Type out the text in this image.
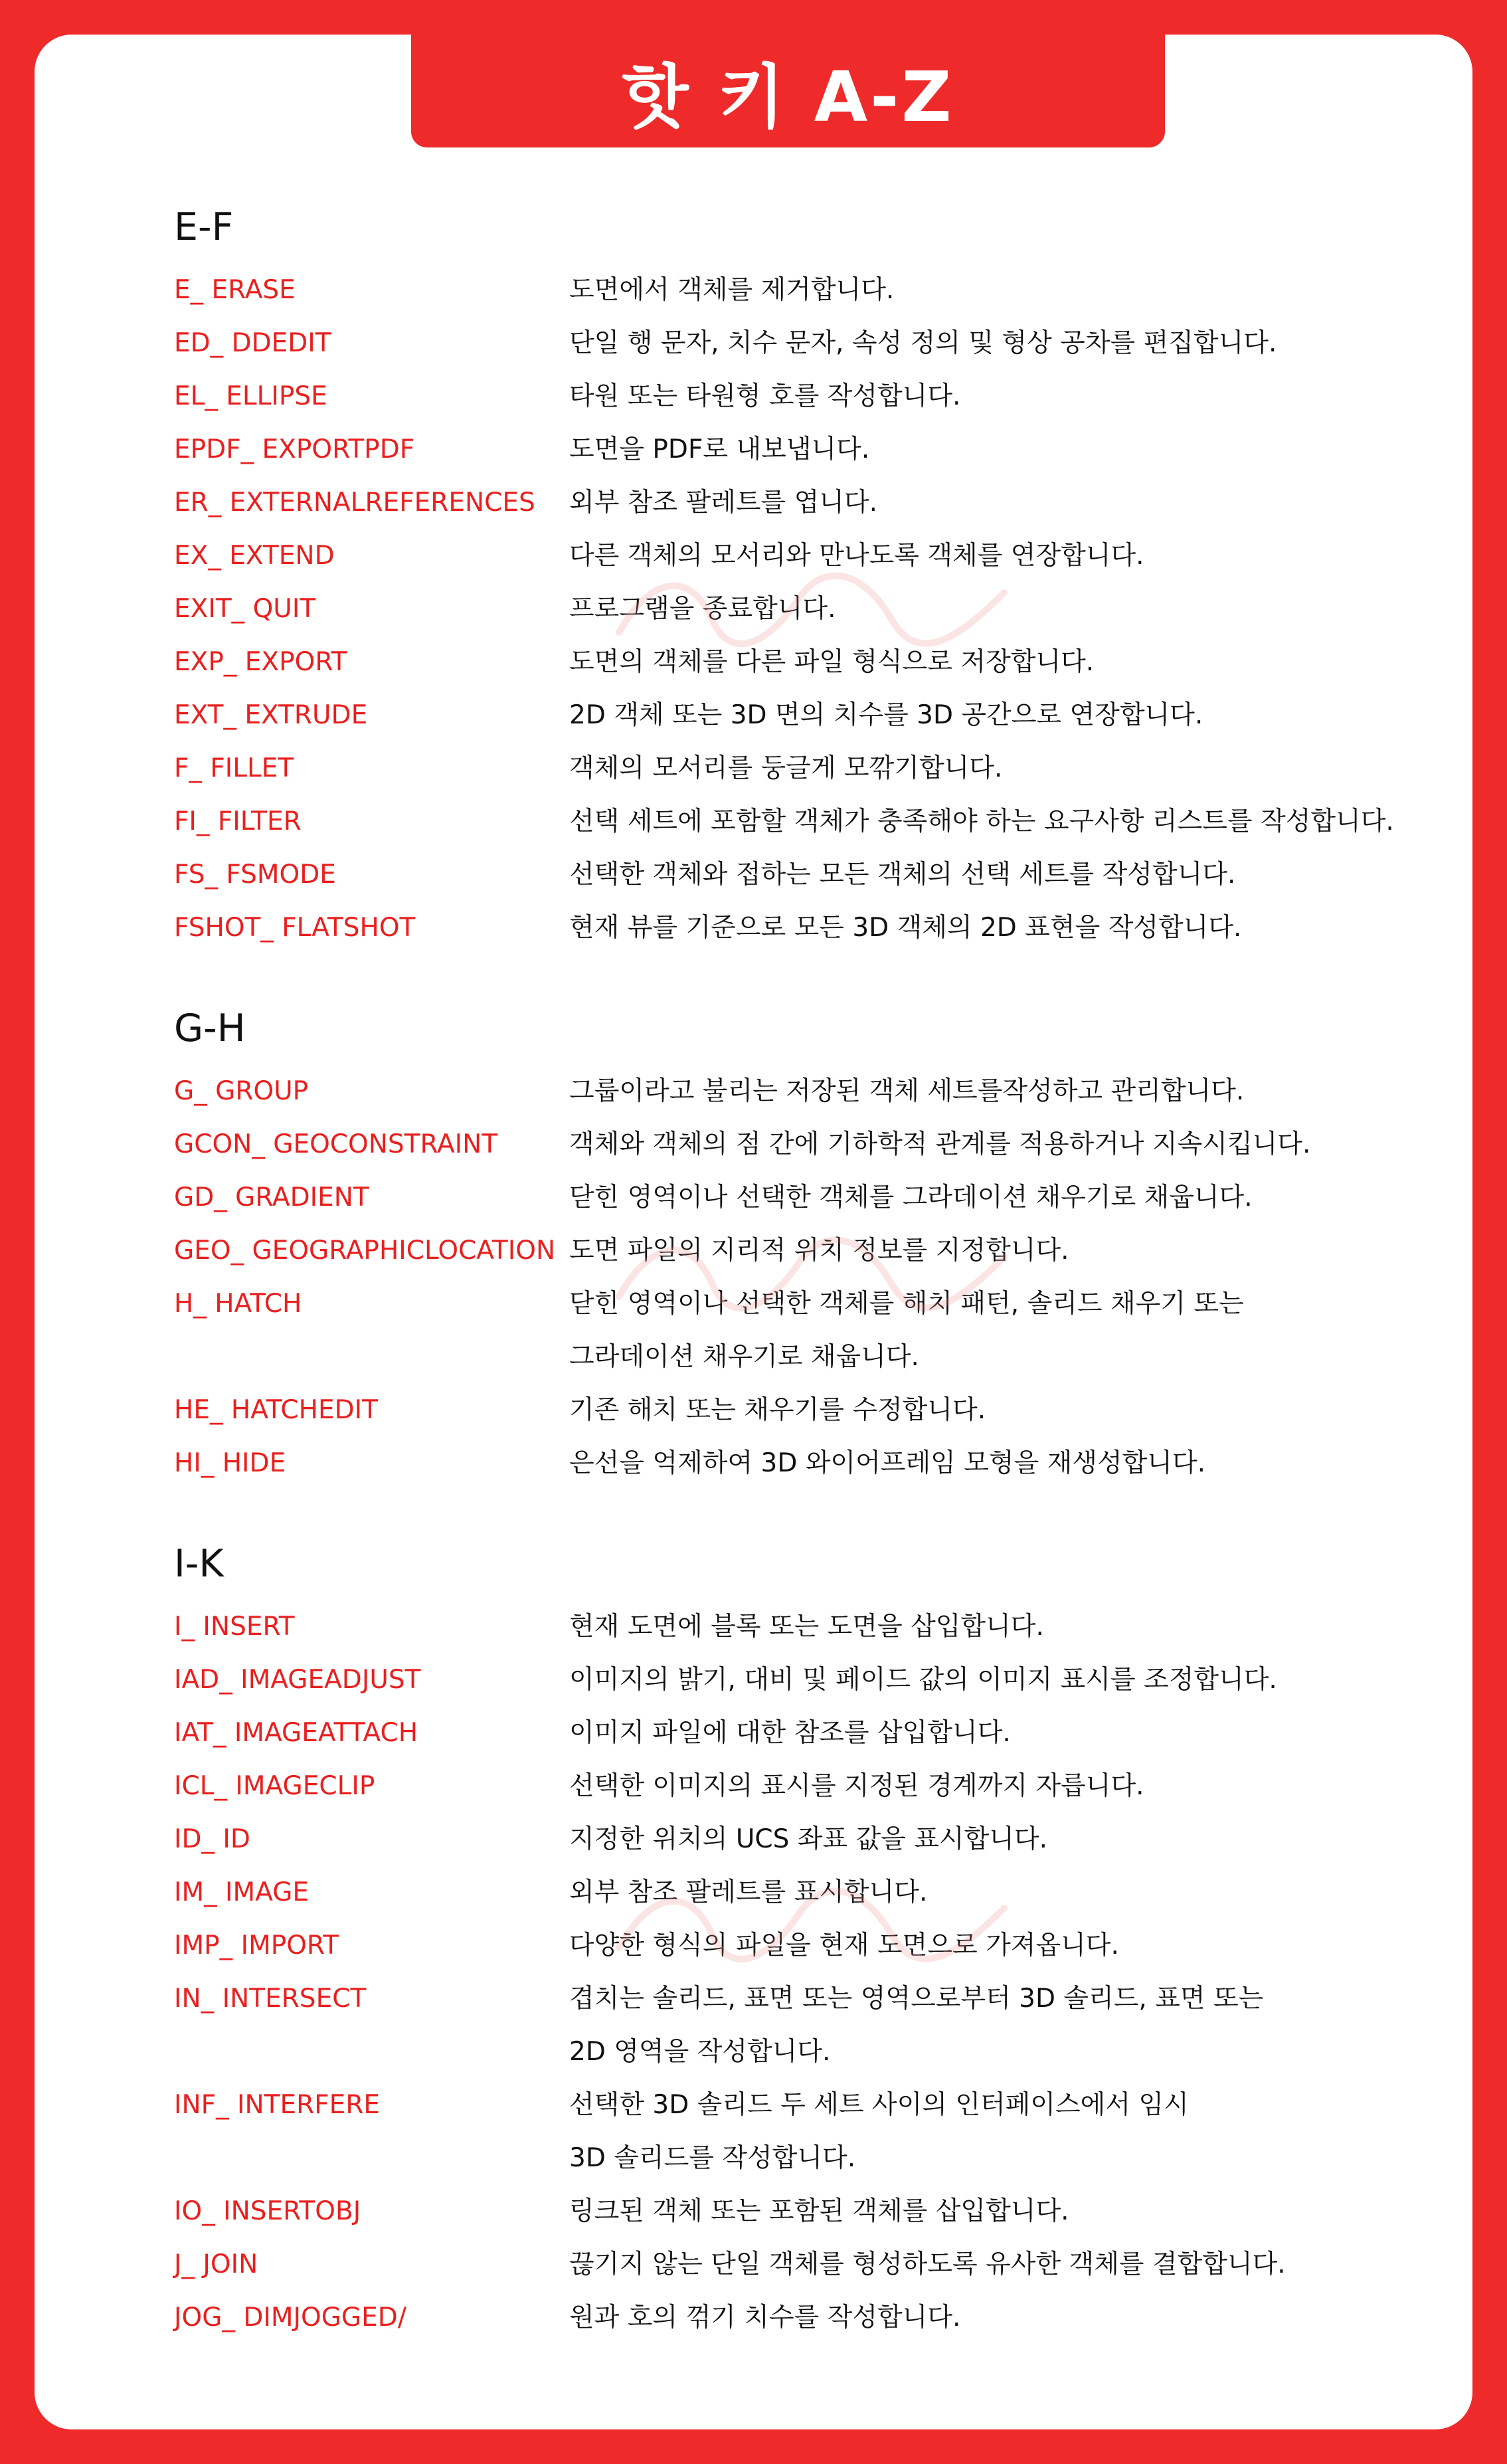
핫 키 A-Z
E-F
E_ ERASE	도면에서 객체를 제거합니다.
ED_ DDEDIT	단일 행 문자, 치수 문자, 속성 정의 및 형상 공차를 편집합니다.
EL_ ELLIPSE	타원 또는 타원형 호를 작성합니다.
EPDF_ EXPORTPDF	도면을 PDF로 내보냅니다.
ER_ EXTERNALREFERENCES	외부 참조 팔레트를 엽니다.
EX_ EXTEND	다른 객체의 모서리와 만나도록 객체를 연장합니다.
EXIT_ QUIT	프로그램을 종료합니다.
EXP_ EXPORT	도면의 객체를 다른 파일 형식으로 저장합니다.
EXT_ EXTRUDE	2D 객체 또는 3D 면의 치수를 3D 공간으로 연장합니다.
F_ FILLET	객체의 모서리를 둥글게 모깎기합니다.
FI_ FILTER	선택 세트에 포함할 객체가 충족해야 하는 요구사항 리스트를 작성합니다.
FS_ FSMODE	선택한 객체와 접하는 모든 객체의 선택 세트를 작성합니다.
FSHOT_ FLATSHOT	현재 뷰를 기준으로 모든 3D 객체의 2D 표현을 작성합니다.
G-H
G_ GROUP	그룹이라고 불리는 저장된 객체 세트를작성하고 관리합니다.
GCON_ GEOCONSTRAINT	객체와 객체의 점 간에 기하학적 관계를 적용하거나 지속시킵니다.
GD_ GRADIENT	닫힌 영역이나 선택한 객체를 그라데이션 채우기로 채웁니다.
GEO_ GEOGRAPHICLOCATION 도면 파일의 지리적 위치 정보를 지정합니다.
H_ HATCH	닫힌 영역이나 선택한 객체를 해치 패턴, 솔리드 채우기 또는
그라데이션 채우기로 채웁니다.
HE_ HATCHEDIT	기존 해치 또는 채우기를 수정합니다.
HI_ HIDE	은선을 억제하여 3D 와이어프레임 모형을 재생성합니다.
I-K
I_ INSERT	현재 도면에 블록 또는 도면을 삽입합니다.
IAD_ IMAGEADJUST	이미지의 밝기, 대비 및 페이드 값의 이미지 표시를 조정합니다.
IAT_ IMAGEATTACH	이미지 파일에 대한 참조를 삽입합니다.
ICL_ IMAGECLIP	선택한 이미지의 표시를 지정된 경계까지 자릅니다.
ID_ ID	지정한 위치의 UCS 좌표 값을 표시합니다.
IM_ IMAGE	외부 참조 팔레트를 표시합니다.
IMP_ IMPORT	다양한 형식의 파일을 현재 도면으로 가져옵니다.
IN_ INTERSECT	겹치는 솔리드, 표면 또는 영역으로부터 3D 솔리드, 표면 또는
2D 영역을 작성합니다.
INF_ INTERFERE	선택한 3D 솔리드 두 세트 사이의 인터페이스에서 임시
3D 솔리드를 작성합니다.
IO_ INSERTOBJ	링크된 객체 또는 포함된 객체를 삽입합니다.
J_ JOIN	끊기지 않는 단일 객체를 형성하도록 유사한 객체를 결합합니다.
JOG_ DIMJOGGED/	원과 호의 꺾기 치수를 작성합니다.
